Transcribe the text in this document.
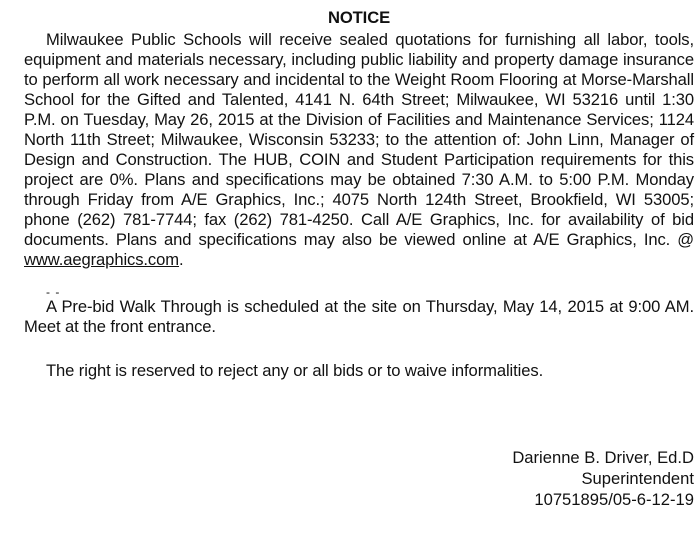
NOTICE

Milwaukee Public Schools will receive sealed quotations for furnishing all labor, tools, equipment and materials necessary, including public liability and property damage insurance to perform all work necessary and incidental to the Weight Room Flooring at Morse-Marshall School for the Gifted and Talented, 4141 N. 64th Street; Milwaukee, WI 53216 until 1:30 P.M. on Tuesday, May 26, 2015 at the Division of Facilities and Maintenance Services; 1124 North 11th Street; Milwaukee, Wisconsin 53233; to the attention of: John Linn, Manager of Design and Construction. The HUB, COIN and Student Participation requirements for this project are 0%. Plans and specifications may be obtained 7:30 A.M. to 5:00 P.M. Monday through Friday from A/E Graphics, Inc.; 4075 North 124th Street, Brookfield, WI 53005; phone (262) 781-7744; fax (262) 781-4250. Call A/E Graphics, Inc. for availability of bid documents. Plans and specifications may also be viewed online at A/E Graphics, Inc. @ www.aegraphics.com.

- -

A Pre-bid Walk Through is scheduled at the site on Thursday, May 14, 2015 at 9:00 AM. Meet at the front entrance.

The right is reserved to reject any or all bids or to waive informalities.

Darienne B. Driver, Ed.D
Superintendent
10751895/05-6-12-19
